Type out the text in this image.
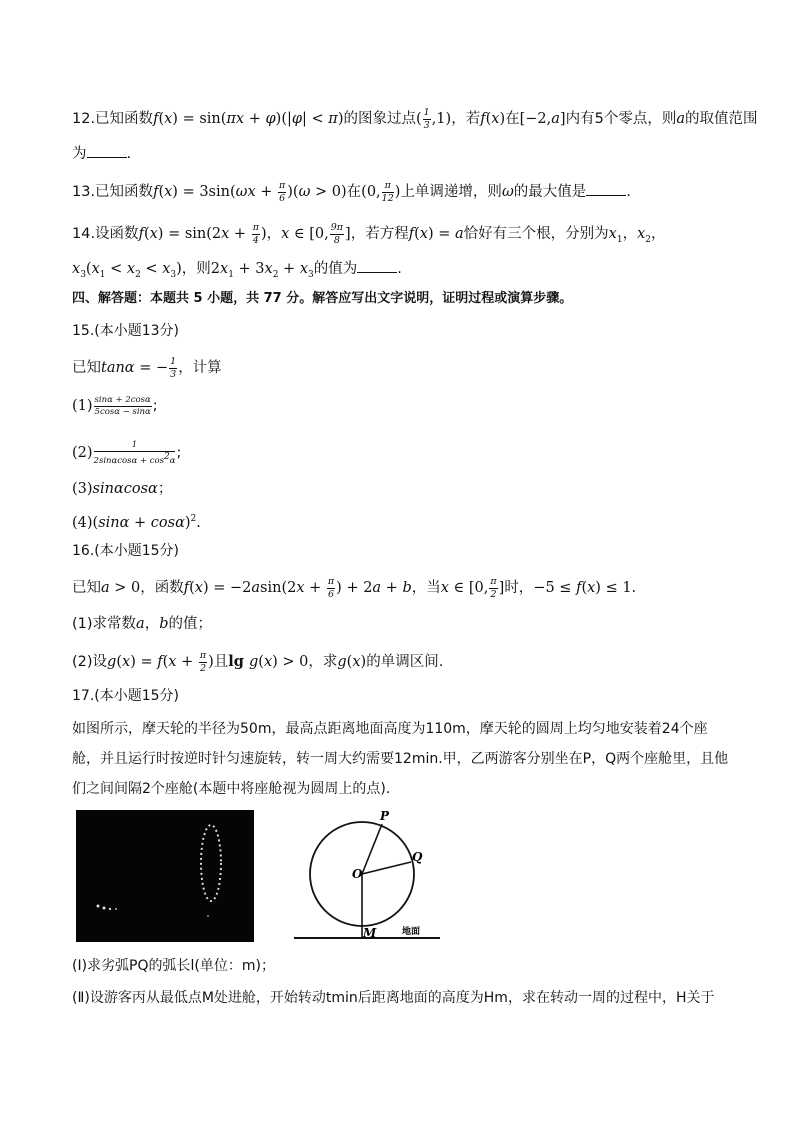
12.已知函数f(x) = sin(πx + φ)(|φ| < π)的图象过点( $\frac{1}{3} ,1$)，若f(x)在[−2,a]内有5个零点，则a的取值范围
为	.
13.已知函数$f(x) = 3\sin(\omega x + \frac{\pi}{6} )(\omega > 0)$在(0, $\frac{\pi}{12}$ )上单调递增，则ω的最大值是	.
14.设函数$f(x) = \sin(2x + \frac{\pi}{4}$ )，x ∈ [0, $\frac{9\pi}{8}$ ]，若方程f(x) = a恰好有三个根，分别为$x_1$，$x_2$，
$x_3(x_1 < x_2 < x_3)$，则$2x_1 + 3x_2 + x_3$的值为	.
四、解答题：本题共 5 小题，共 77 分。解答应写出文字说明，证明过程或演算步骤。
15.(本小题13分)
已知tanα = − $\frac{1}{3}$ ，计算
$(1) \frac{\sin\alpha + 2\cos\alpha}{5\cos\alpha - \sin\alpha}$ ;
$(2) \frac{1}{2\sin\alpha\cos\alpha + \cos^2\alpha}$ ;
(3)sinαcosα；
$(4)(\sin\alpha + \cos\alpha)^2$.
16.(本小题15分)
已知a > 0，函数$f(x) = -2asin(2x + \frac{\pi}{6}$ ) + 2a + b，当x ∈ [0, $\frac{\pi}{2}$ ]时，−5 ≤ f(x) ≤ 1.
(1)求常数a，b的值；
(2)设$g(x) = f(x + \frac{\pi}{2}$ )且lg g(x) > 0，求g(x)的单调区间.
17.(本小题15分)
如图所示，摩天轮的半径为50m，最高点距离地面高度为110m，摩天轮的圆周上均匀地安装着24个座
舱，并且运行时按逆时针匀速旋转，转一周大约需要12min.甲，乙两游客分别坐在P，Q两个座舱里，且他
们之间间隔2个座舱(本题中将座舱视为圆周上的点).
P
Q
O
M	地面
(Ⅰ)求劣弧PQ的弧长l(单位：m)；
(Ⅱ)设游客丙从最低点M处进舱，开始转动tmin后距离地面的高度为Hm，求在转动一周的过程中，H关于
